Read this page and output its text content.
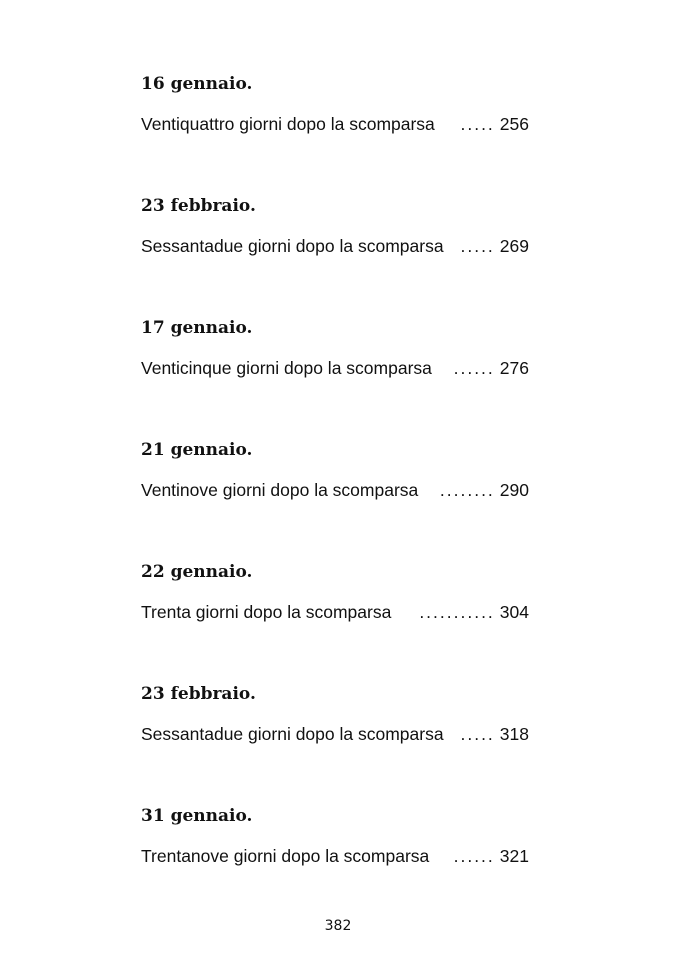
16 gennaio.
Ventiquattro giorni dopo la scomparsa	..... 256
23 febbraio.
Sessantadue giorni dopo la scomparsa ..... 269
17 gennaio.
Venticinque giorni dopo la scomparsa	...... 276
21 gennaio.
Ventinove giorni dopo la scomparsa	........ 290
22 gennaio.
Trenta giorni dopo la scomparsa	........... 304
23 febbraio.
Sessantadue giorni dopo la scomparsa ..... 318
31 gennaio.
Trentanove giorni dopo la scomparsa	...... 321
382
